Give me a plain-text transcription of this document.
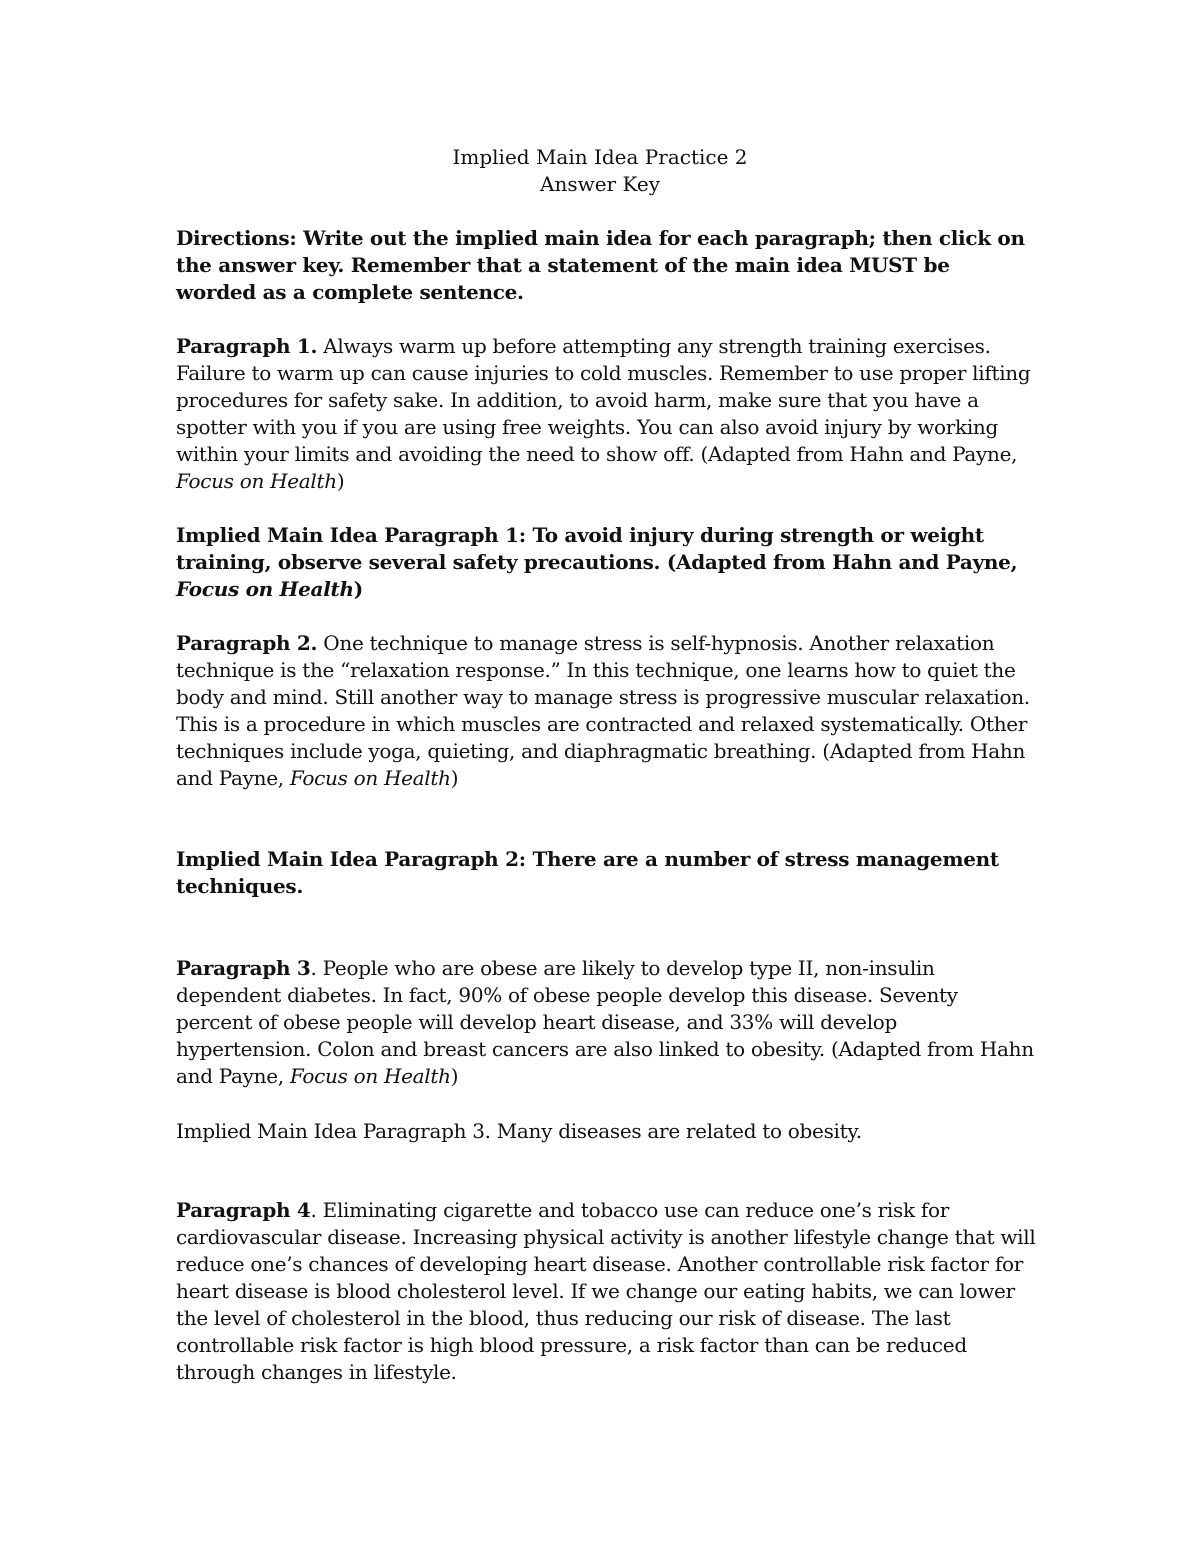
Implied Main Idea Practice 2
Answer Key
Directions: Write out the implied main idea for each paragraph; then click on the answer key. Remember that a statement of the main idea MUST be worded as a complete sentence.
Paragraph 1. Always warm up before attempting any strength training exercises. Failure to warm up can cause injuries to cold muscles. Remember to use proper lifting procedures for safety sake. In addition, to avoid harm, make sure that you have a spotter with you if you are using free weights. You can also avoid injury by working within your limits and avoiding the need to show off. (Adapted from Hahn and Payne, Focus on Health)
Implied Main Idea Paragraph 1: To avoid injury during strength or weight training, observe several safety precautions. (Adapted from Hahn and Payne, Focus on Health)
Paragraph 2. One technique to manage stress is self-hypnosis. Another relaxation technique is the “relaxation response.” In this technique, one learns how to quiet the body and mind. Still another way to manage stress is progressive muscular relaxation. This is a procedure in which muscles are contracted and relaxed systematically. Other techniques include yoga, quieting, and diaphragmatic breathing. (Adapted from Hahn and Payne, Focus on Health)
Implied Main Idea Paragraph 2: There are a number of stress management techniques.
Paragraph 3. People who are obese are likely to develop type II, non-insulin dependent diabetes. In fact, 90% of obese people develop this disease. Seventy percent of obese people will develop heart disease, and 33% will develop hypertension. Colon and breast cancers are also linked to obesity. (Adapted from Hahn and Payne, Focus on Health)
Implied Main Idea Paragraph 3. Many diseases are related to obesity.
Paragraph 4. Eliminating cigarette and tobacco use can reduce one’s risk for cardiovascular disease. Increasing physical activity is another lifestyle change that will reduce one’s chances of developing heart disease. Another controllable risk factor for heart disease is blood cholesterol level. If we change our eating habits, we can lower the level of cholesterol in the blood, thus reducing our risk of disease. The last controllable risk factor is high blood pressure, a risk factor than can be reduced through changes in lifestyle.
